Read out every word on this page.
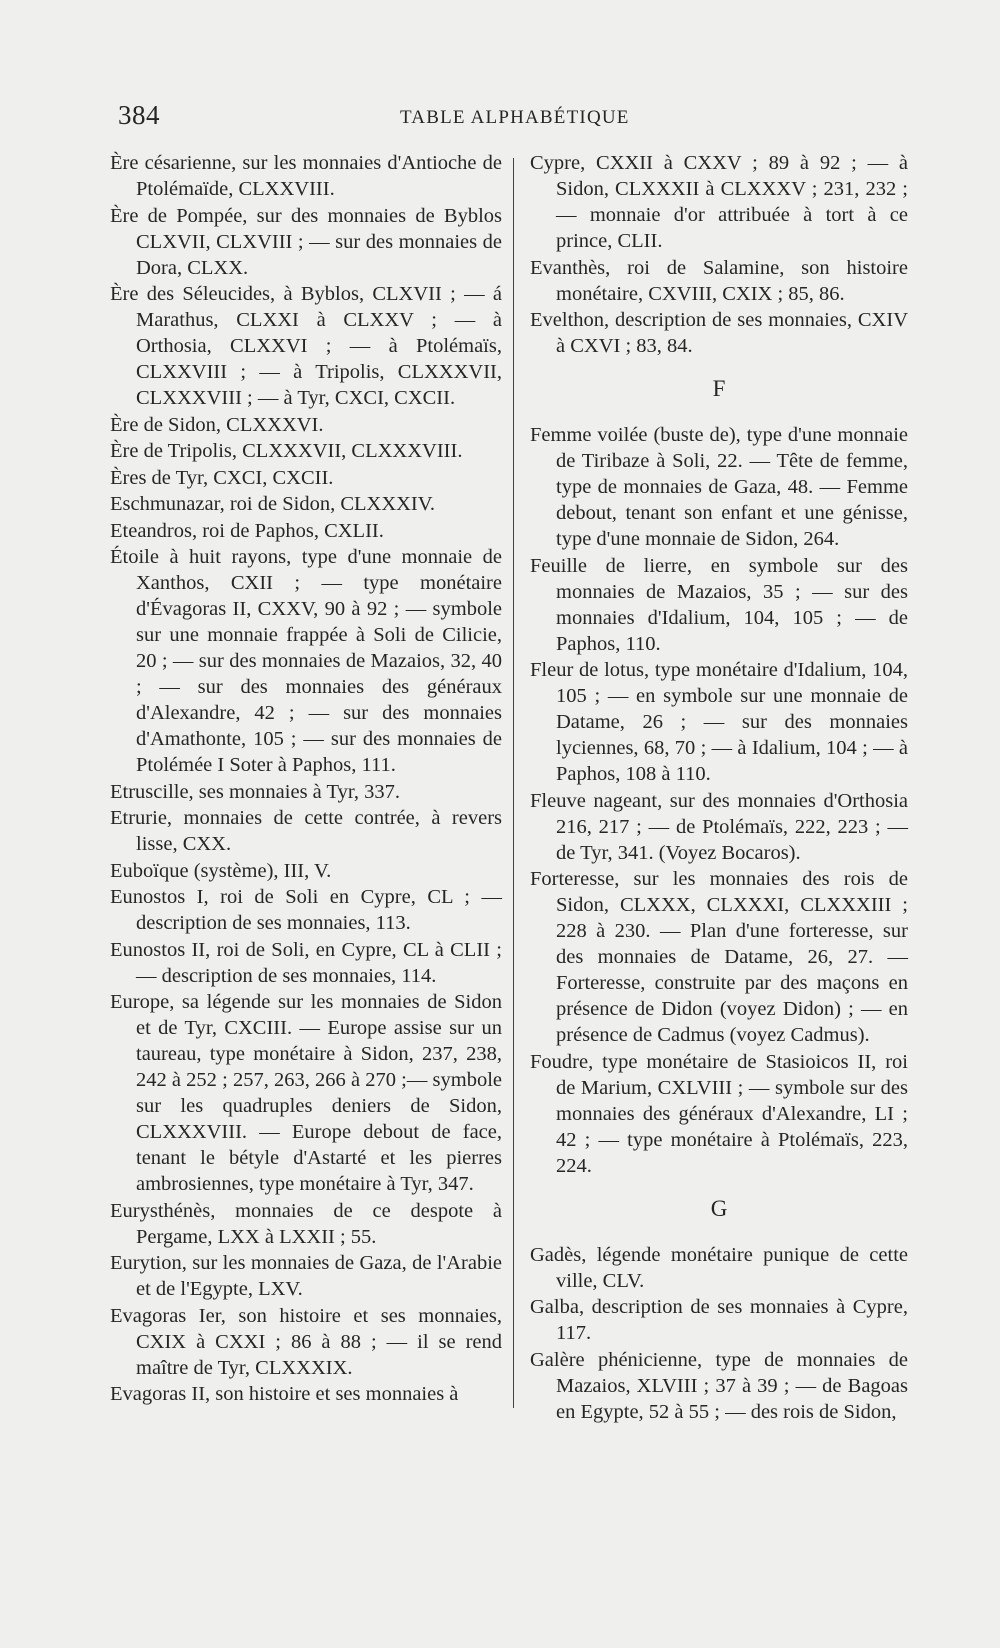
384	TABLE ALPHABÉTIQUE

Ère césarienne, sur les monnaies d'Antioche de Ptolémaïde, CLXXVIII.

Ère de Pompée, sur des monnaies de Byblos CLXVII, CLXVIII ; — sur des monnaies de Dora, CLXX.

Ère des Séleucides, à Byblos, CLXVII ; — á Marathus, CLXXI à CLXXV ; — à Orthosia, CLXXVI ; — à Ptolémaïs, CLXXVIII ; — à Tripolis, CLXXXVII, CLXXXVIII ; — à Tyr, CXCI, CXCII.

Ère de Sidon, CLXXXVI.

Ère de Tripolis, CLXXXVII, CLXXXVIII.

Ères de Tyr, CXCI, CXCII.

Eschmunazar, roi de Sidon, CLXXXIV.

Eteandros, roi de Paphos, CXLII.

Étoile à huit rayons, type d'une monnaie de Xanthos, CXII ; — type monétaire d'Évagoras II, CXXV, 90 à 92 ; — symbole sur une monnaie frappée à Soli de Cilicie, 20 ; — sur des monnaies de Mazaios, 32, 40 ; — sur des monnaies des généraux d'Alexandre, 42 ; — sur des monnaies d'Amathonte, 105 ; — sur des monnaies de Ptolémée I Soter à Paphos, 111.

Etruscille, ses monnaies à Tyr, 337.

Etrurie, monnaies de cette contrée, à revers lisse, CXX.

Euboïque (système), III, V.

Eunostos I, roi de Soli en Cypre, CL ; — description de ses monnaies, 113.

Eunostos II, roi de Soli, en Cypre, CL à CLII ; — description de ses monnaies, 114.

Europe, sa légende sur les monnaies de Sidon et de Tyr, CXCIII. — Europe assise sur un taureau, type monétaire à Sidon, 237, 238, 242 à 252 ; 257, 263, 266 à 270 ;— symbole sur les quadruples deniers de Sidon, CLXXXVIII. — Europe debout de face, tenant le bétyle d'Astarté et les pierres ambrosiennes, type monétaire à Tyr, 347.

Eurysthénès, monnaies de ce despote à Pergame, LXX à LXXII ; 55.

Eurytion, sur les monnaies de Gaza, de l'Arabie et de l'Egypte, LXV.

Evagoras Ier, son histoire et ses monnaies, CXIX à CXXI ; 86 à 88 ; — il se rend maître de Tyr, CLXXXIX.

Evagoras II, son histoire et ses monnaies à

Cypre, CXXII à CXXV ; 89 à 92 ; — à Sidon, CLXXXII à CLXXXV ; 231, 232 ; — monnaie d'or attribuée à tort à ce prince, CLII.

Evanthès, roi de Salamine, son histoire monétaire, CXVIII, CXIX ; 85, 86.

Evelthon, description de ses monnaies, CXIV à CXVI ; 83, 84.

F

Femme voilée (buste de), type d'une monnaie de Tiribaze à Soli, 22. — Tête de femme, type de monnaies de Gaza, 48. — Femme debout, tenant son enfant et une génisse, type d'une monnaie de Sidon, 264.

Feuille de lierre, en symbole sur des monnaies de Mazaios, 35 ; — sur des monnaies d'Idalium, 104, 105 ; — de Paphos, 110.

Fleur de lotus, type monétaire d'Idalium, 104, 105 ; — en symbole sur une monnaie de Datame, 26 ; — sur des monnaies lyciennes, 68, 70 ; — à Idalium, 104 ; — à Paphos, 108 à 110.

Fleuve nageant, sur des monnaies d'Orthosia 216, 217 ; — de Ptolémaïs, 222, 223 ; — de Tyr, 341. (Voyez Bocaros).

Forteresse, sur les monnaies des rois de Sidon, CLXXX, CLXXXI, CLXXXIII ; 228 à 230. — Plan d'une forteresse, sur des monnaies de Datame, 26, 27. — Forteresse, construite par des maçons en présence de Didon (voyez Didon) ; — en présence de Cadmus (voyez Cadmus).

Foudre, type monétaire de Stasioicos II, roi de Marium, CXLVIII ; — symbole sur des monnaies des généraux d'Alexandre, LI ; 42 ; — type monétaire à Ptolémaïs, 223, 224.

G

Gadès, légende monétaire punique de cette ville, CLV.

Galba, description de ses monnaies à Cypre, 117.

Galère phénicienne, type de monnaies de Mazaios, XLVIII ; 37 à 39 ; — de Bagoas en Egypte, 52 à 55 ; — des rois de Sidon,
